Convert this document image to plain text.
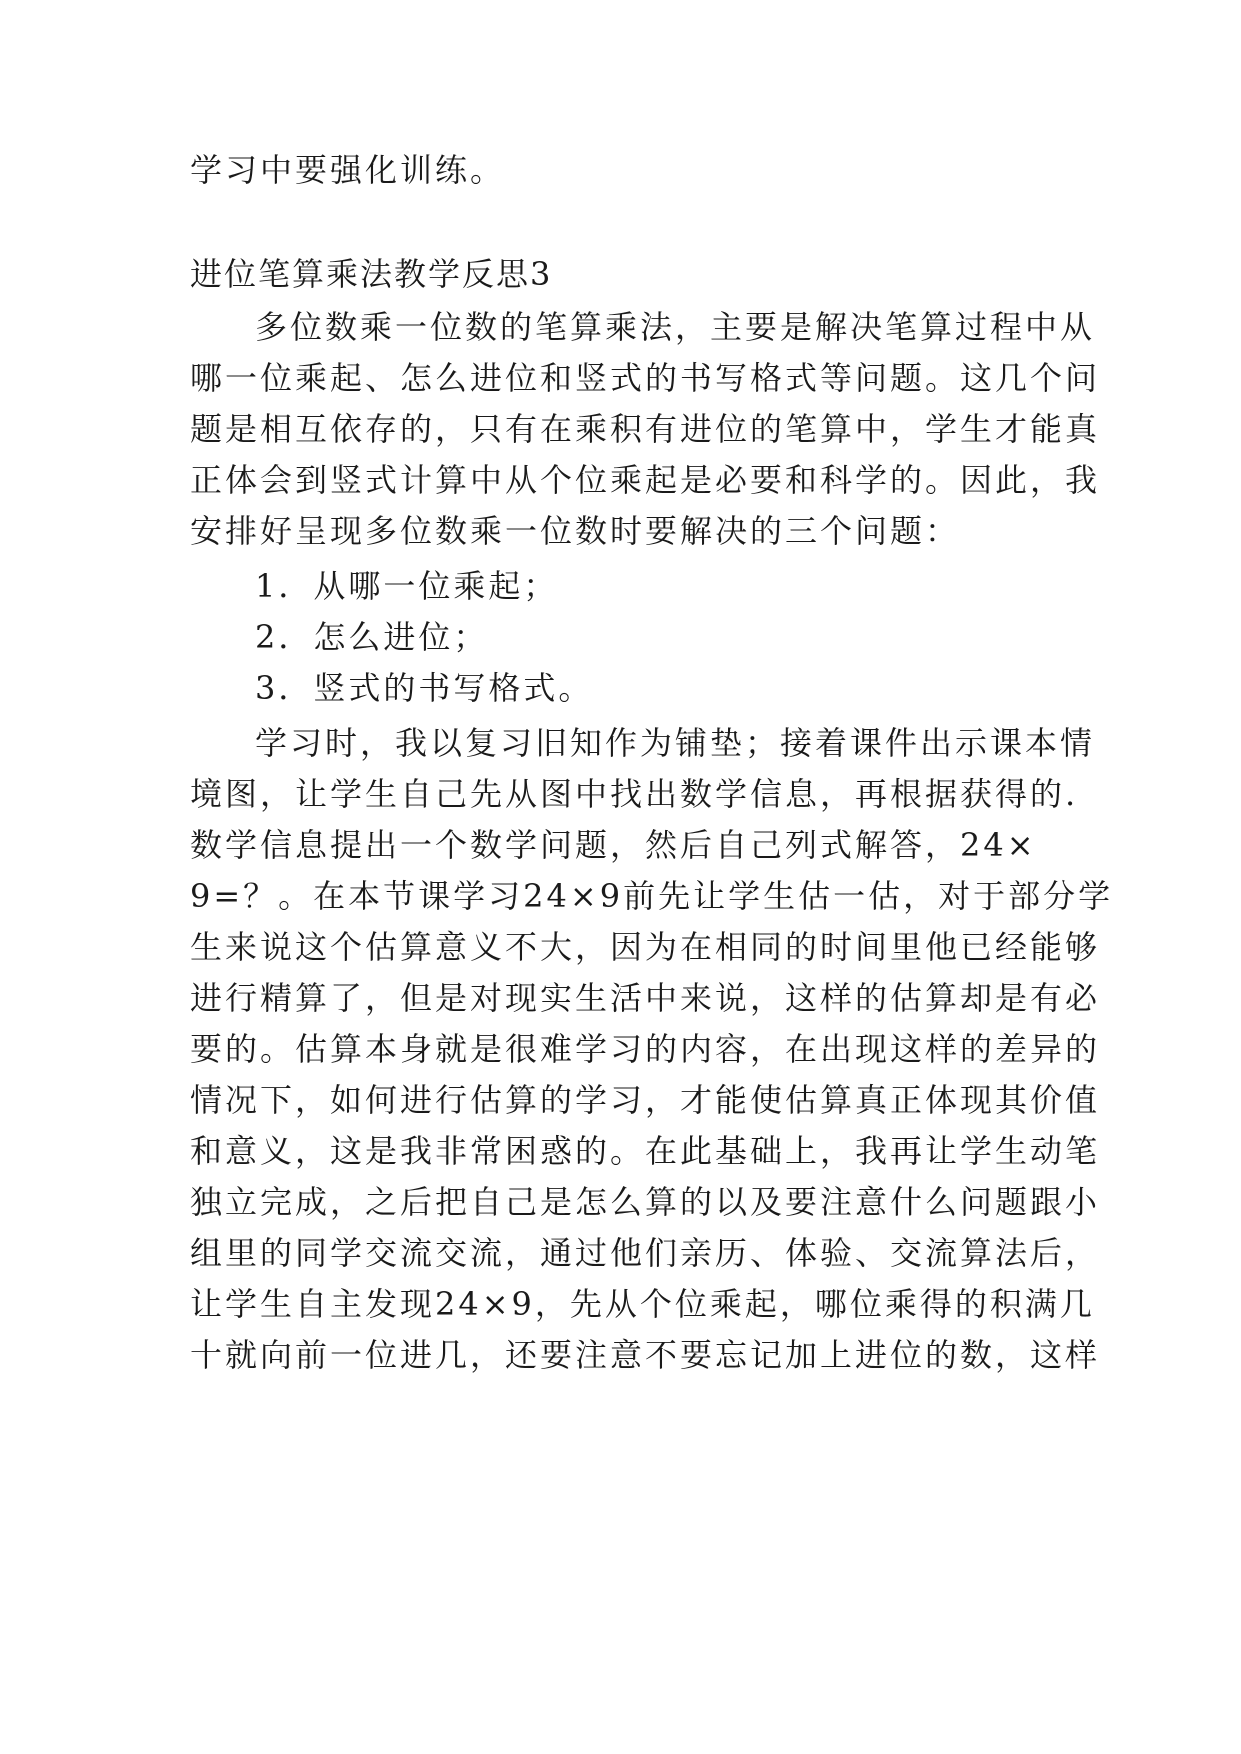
学习中要强化训练。
进位笔算乘法教学反思3
多位数乘一位数的笔算乘法，主要是解决笔算过程中从
哪一位乘起、怎么进位和竖式的书写格式等问题。这几个问
题是相互依存的，只有在乘积有进位的笔算中，学生才能真
正体会到竖式计算中从个位乘起是必要和科学的。因此，我
安排好呈现多位数乘一位数时要解决的三个问题：
1．从哪一位乘起；
2．怎么进位；
3．竖式的书写格式。
学习时，我以复习旧知作为铺垫；接着课件出示课本情
境图，让学生自己先从图中找出数学信息，再根据获得的.
数学信息提出一个数学问题，然后自己列式解答，24×
9=？。在本节课学习24×9前先让学生估一估，对于部分学
生来说这个估算意义不大，因为在相同的时间里他已经能够
进行精算了，但是对现实生活中来说，这样的估算却是有必
要的。估算本身就是很难学习的内容，在出现这样的差异的
情况下，如何进行估算的学习，才能使估算真正体现其价值
和意义，这是我非常困惑的。在此基础上，我再让学生动笔
独立完成，之后把自己是怎么算的以及要注意什么问题跟小
组里的同学交流交流，通过他们亲历、体验、交流算法后，
让学生自主发现24×9，先从个位乘起，哪位乘得的积满几
十就向前一位进几，还要注意不要忘记加上进位的数，这样
